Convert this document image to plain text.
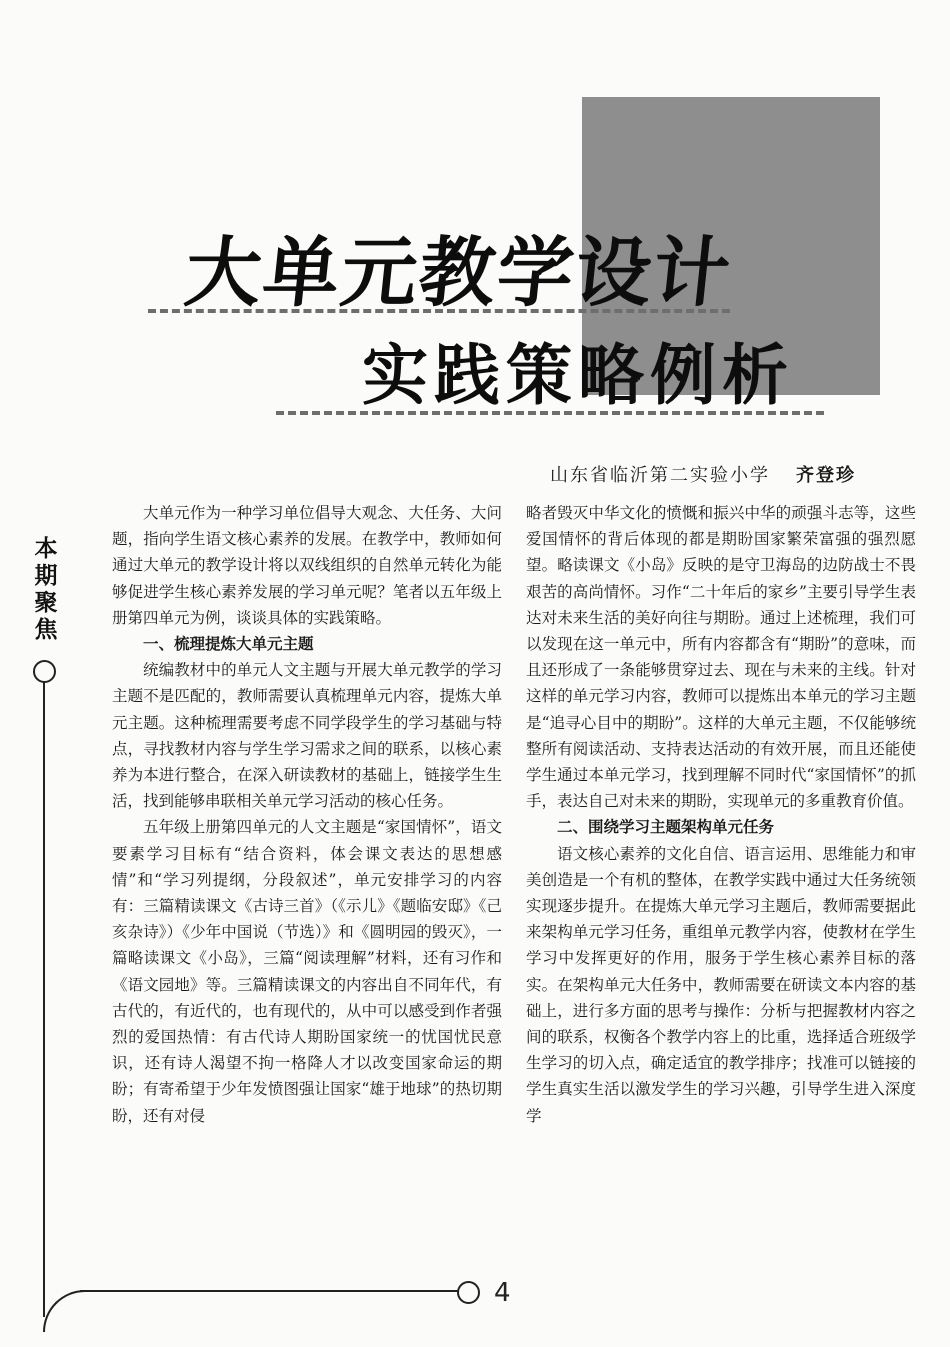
大单元教学设计
实践策略例析
山东省临沂第二实验小学 齐登珍
本期聚焦
4

大单元作为一种学习单位倡导大观念、大任务、大问题，指向学生语文核心素养的发展。在教学中，教师如何通过大单元的教学设计将以双线组织的自然单元转化为能够促进学生核心素养发展的学习单元呢？笔者以五年级上册第四单元为例，谈谈具体的实践策略。

一、梳理提炼大单元主题

统编教材中的单元人文主题与开展大单元教学的学习主题不是匹配的，教师需要认真梳理单元内容，提炼大单元主题。这种梳理需要考虑不同学段学生的学习基础与特点，寻找教材内容与学生学习需求之间的联系，以核心素养为本进行整合，在深入研读教材的基础上，链接学生生活，找到能够串联相关单元学习活动的核心任务。

五年级上册第四单元的人文主题是“家国情怀”，语文要素学习目标有“结合资料，体会课文表达的思想感情”和“学习列提纲，分段叙述”，单元安排学习的内容有：三篇精读课文《古诗三首》（《示儿》《题临安邸》《己亥杂诗》）《少年中国说（节选）》和《圆明园的毁灭》，一篇略读课文《小岛》，三篇“阅读理解”材料，还有习作和《语文园地》等。三篇精读课文的内容出自不同年代，有古代的，有近代的，也有现代的，从中可以感受到作者强烈的爱国热情：有古代诗人期盼国家统一的忧国忧民意识，还有诗人渴望不拘一格降人才以改变国家命运的期盼；有寄希望于少年发愤图强让国家“雄于地球”的热切期盼，还有对侵

略者毁灭中华文化的愤慨和振兴中华的顽强斗志等，这些爱国情怀的背后体现的都是期盼国家繁荣富强的强烈愿望。略读课文《小岛》反映的是守卫海岛的边防战士不畏艰苦的高尚情怀。习作“二十年后的家乡”主要引导学生表达对未来生活的美好向往与期盼。通过上述梳理，我们可以发现在这一单元中，所有内容都含有“期盼”的意味，而且还形成了一条能够贯穿过去、现在与未来的主线。针对这样的单元学习内容，教师可以提炼出本单元的学习主题是“追寻心目中的期盼”。这样的大单元主题，不仅能够统整所有阅读活动、支持表达活动的有效开展，而且还能使学生通过本单元学习，找到理解不同时代“家国情怀”的抓手，表达自己对未来的期盼，实现单元的多重教育价值。

二、围绕学习主题架构单元任务

语文核心素养的文化自信、语言运用、思维能力和审美创造是一个有机的整体，在教学实践中通过大任务统领实现逐步提升。在提炼大单元学习主题后，教师需要据此来架构单元学习任务，重组单元教学内容，使教材在学生学习中发挥更好的作用，服务于学生核心素养目标的落实。在架构单元大任务中，教师需要在研读文本内容的基础上，进行多方面的思考与操作：分析与把握教材内容之间的联系，权衡各个教学内容上的比重，选择适合班级学生学习的切入点，确定适宜的教学排序；找准可以链接的学生真实生活以激发学生的学习兴趣，引导学生进入深度学
